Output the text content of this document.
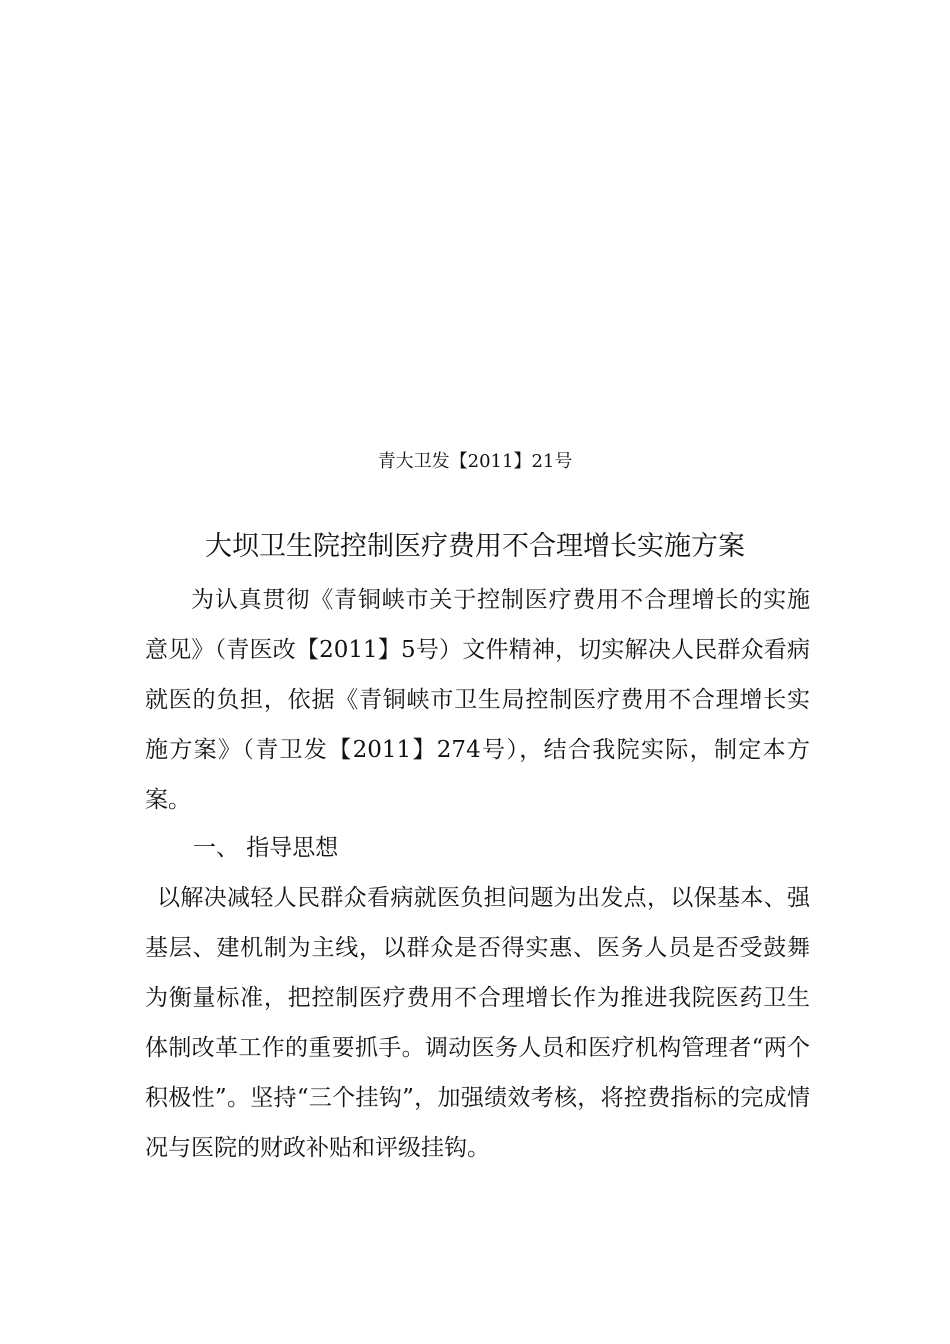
青大卫发【2011】21号
大坝卫生院控制医疗费用不合理增长实施方案

为认真贯彻《青铜峡市关于控制医疗费用不合理增长的实施意见》（青医改【2011】5号）文件精神，切实解决人民群众看病就医的负担，依据《青铜峡市卫生局控制医疗费用不合理增长实施方案》（青卫发【2011】274号），结合我院实际，制定本方案。

一、 指导思想

以解决减轻人民群众看病就医负担问题为出发点，以保基本、强基层、建机制为主线，以群众是否得实惠、医务人员是否受鼓舞为衡量标准，把控制医疗费用不合理增长作为推进我院医药卫生体制改革工作的重要抓手。调动医务人员和医疗机构管理者“两个积极性”。坚持“三个挂钩”，加强绩效考核，将控费指标的完成情况与医院的财政补贴和评级挂钩。
